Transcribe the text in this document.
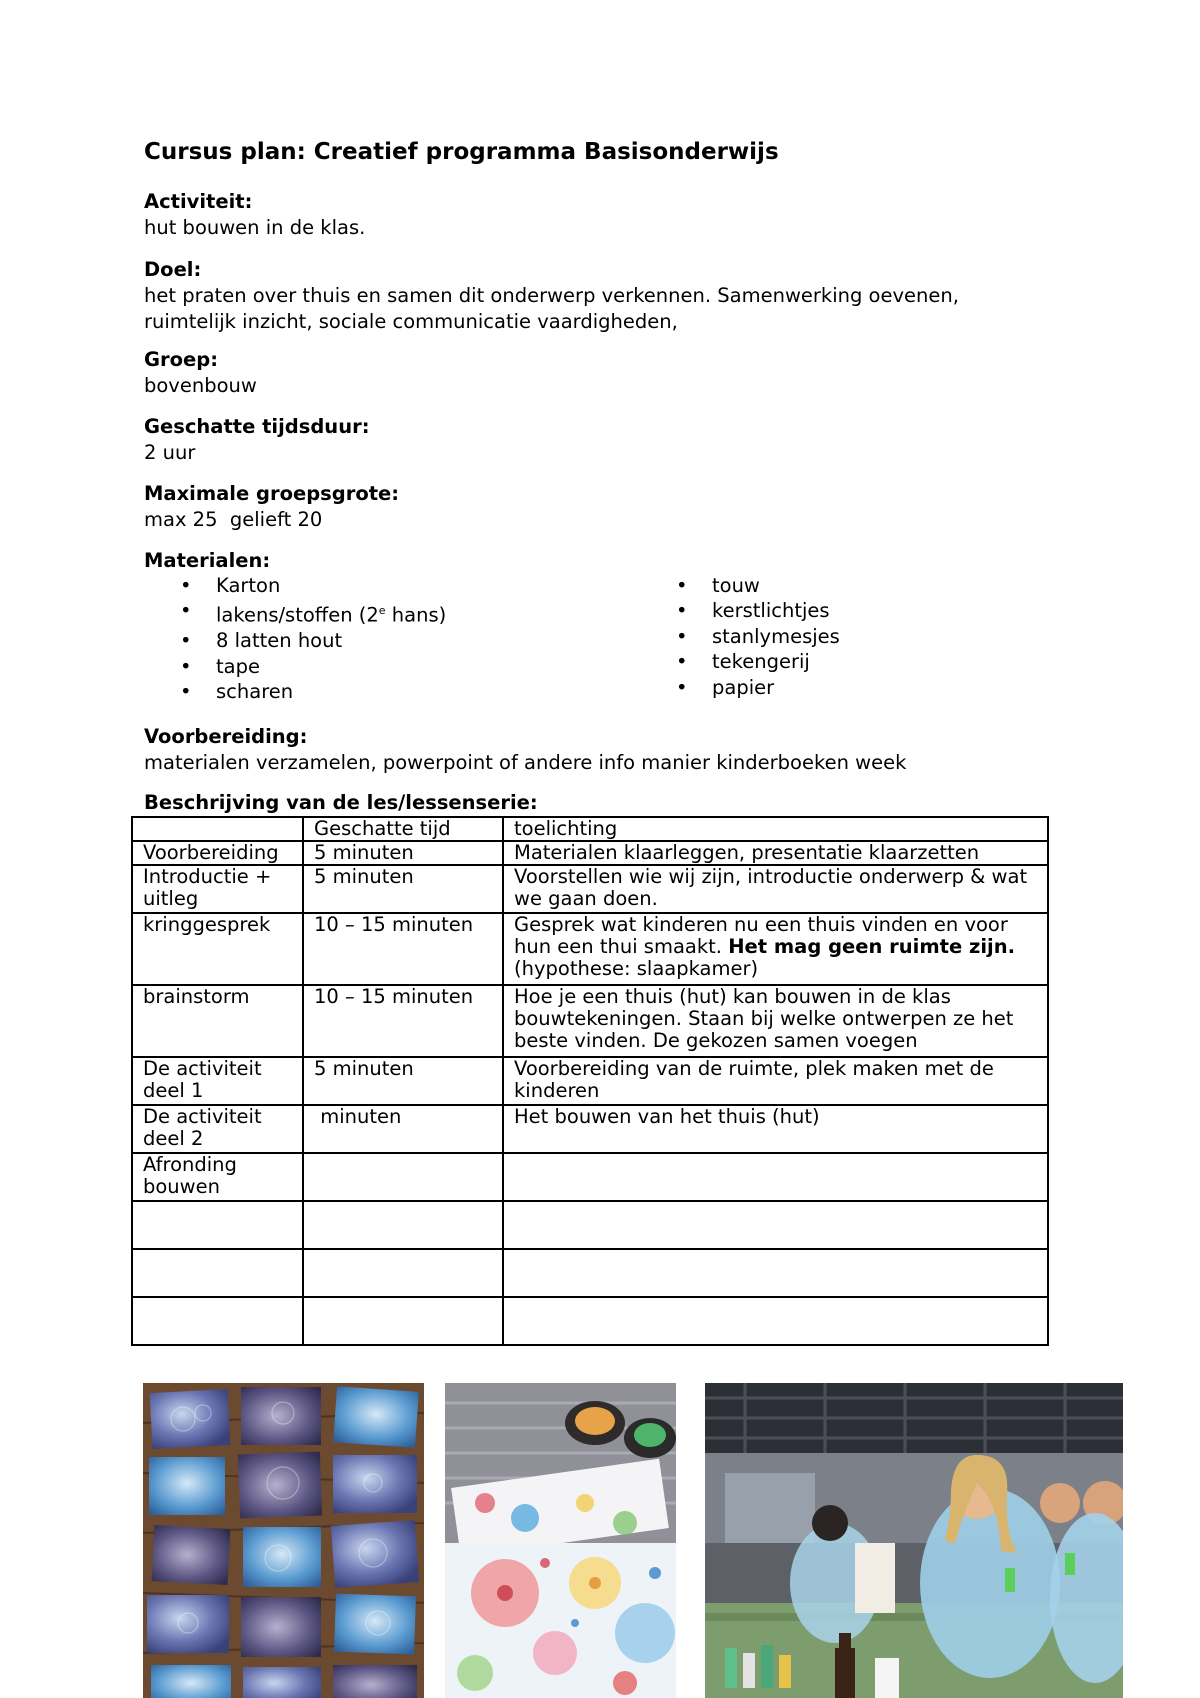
Cursus plan: Creatief programma Basisonderwijs
Activiteit:
hut bouwen in de klas.
Doel:
het praten over thuis en samen dit onderwerp verkennen. Samenwerking oevenen,
ruimtelijk inzicht, sociale communicatie vaardigheden,
Groep:
bovenbouw
Geschatte tijdsduur:
2 uur
Maximale groepsgrote:
max 25  gelieft 20
Materialen:
• Karton
• lakens/stoffen (2e hans)
• 8 latten hout
• tape
• scharen
• touw
• kerstlichtjes
• stanlymesjes
• tekengerij
• papier
Voorbereiding:
materialen verzamelen, powerpoint of andere info manier kinderboeken week
Beschrijving van de les/lessenserie:
	Geschatte tijd	toelichting
Voorbereiding	5 minuten	Materialen klaarleggen, presentatie klaarzetten
Introductie + uitleg	5 minuten	Voorstellen wie wij zijn, introductie onderwerp & wat we gaan doen.
kringgesprek	10 – 15 minuten	Gesprek wat kinderen nu een thuis vinden en voor hun een thui smaakt. Het mag geen ruimte zijn.
(hypothese: slaapkamer)
brainstorm	10 – 15 minuten	Hoe je een thuis (hut) kan bouwen in de klas bouwtekeningen. Staan bij welke ontwerpen ze het beste vinden. De gekozen samen voegen
De activiteit deel 1	5 minuten	Voorbereiding van de ruimte, plek maken met de kinderen
De activiteit deel 2	minuten	Het bouwen van het thuis (hut)
Afronding bouwen		
